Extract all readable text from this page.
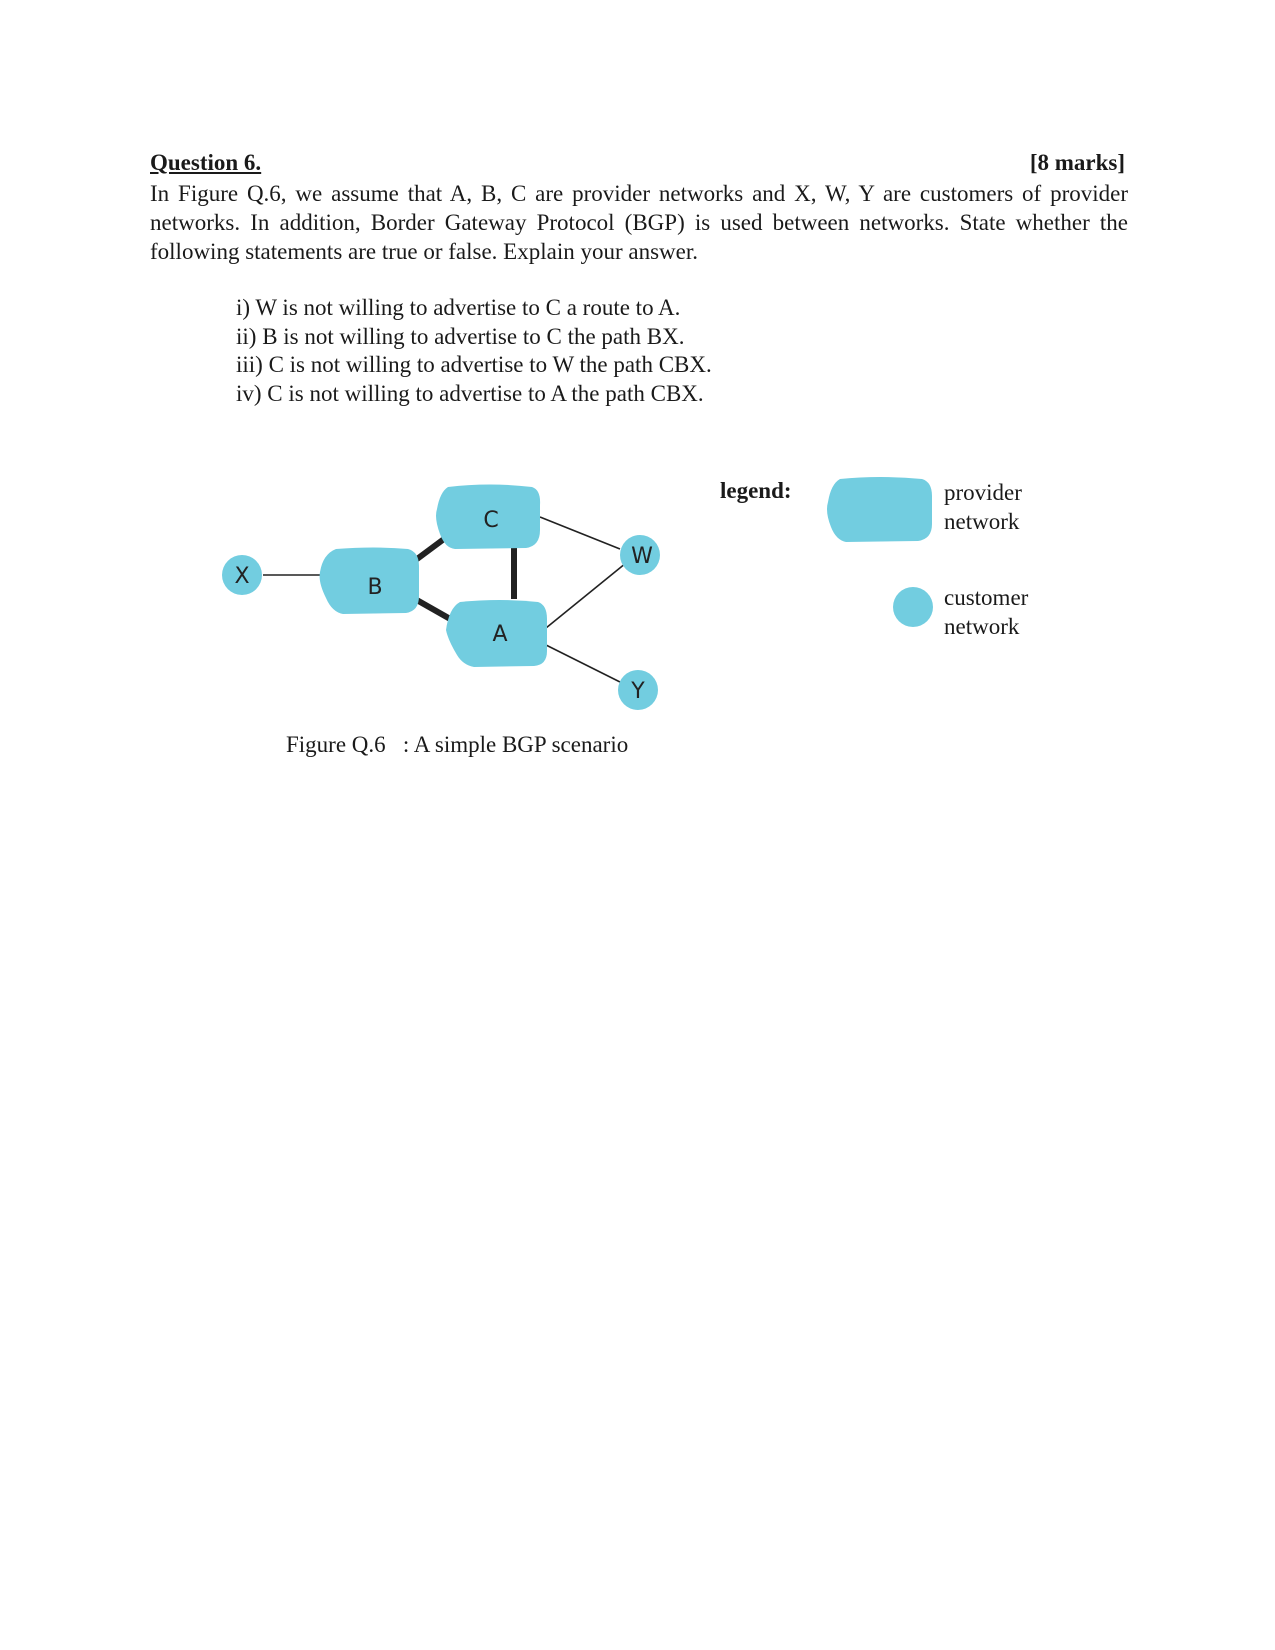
Question 6.	[8 marks]

In Figure Q.6, we assume that A, B, C are provider networks and X, W, Y are customers of provider networks. In addition, Border Gateway Protocol (BGP) is used between networks. State whether the following statements are true or false. Explain your answer.

i) W is not willing to advertise to C a route to A.
ii) B is not willing to advertise to C the path BX.
iii) C is not willing to advertise to W the path CBX.
iv) C is not willing to advertise to A the path CBX.
C
B
A
X
W
Y
legend:	provider
network
customer
network
Figure Q.6   : A simple BGP scenario
